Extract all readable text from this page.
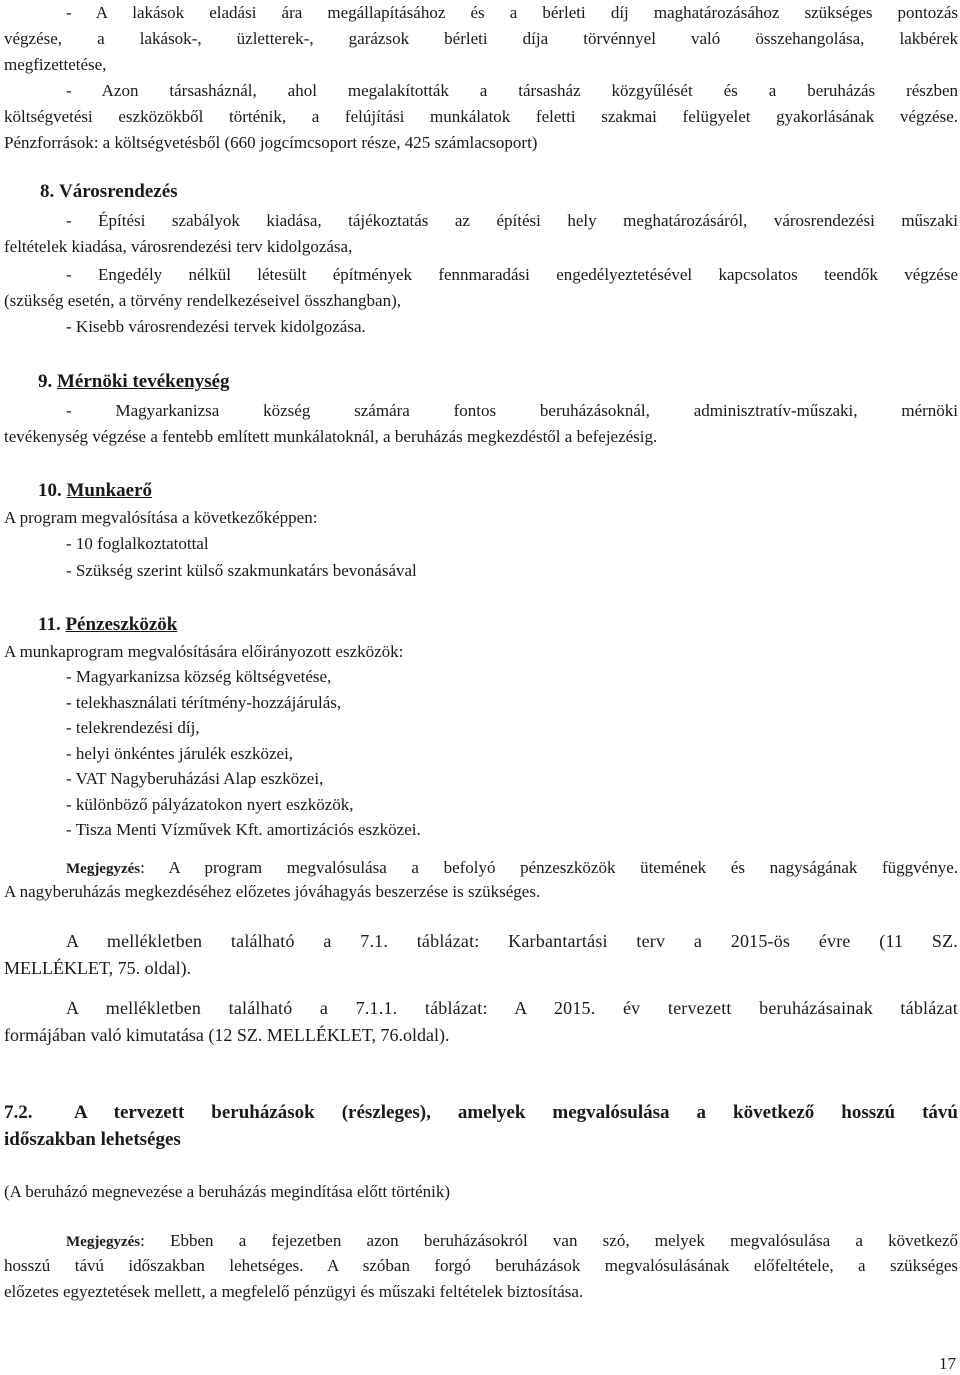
- A lakások eladási ára megállapításához és a bérleti díj maghatározásához szükséges pontozás
végzése, a lakások-, üzletterek-, garázsok bérleti díja törvénnyel való összehangolása, lakbérek
megfizettetése,
- Azon társasháznál, ahol megalakították a társasház közgyűlését és a beruházás részben
költségvetési eszközökből történik, a felújítási munkálatok feletti szakmai felügyelet gyakorlásának végzése.
Pénzforrások: a költségvetésből (660 jogcímcsoport része, 425 számlacsoport)
8. Városrendezés
- Építési szabályok kiadása, tájékoztatás az építési hely meghatározásáról, városrendezési műszaki
feltételek kiadása, városrendezési terv kidolgozása,
- Engedély nélkül létesült építmények fennmaradási engedélyeztetésével kapcsolatos teendők végzése
(szükség esetén, a törvény rendelkezéseivel összhangban),
- Kisebb városrendezési tervek kidolgozása.
9. Mérnöki tevékenység
- Magyarkanizsa község számára fontos beruházásoknál, adminisztratív-műszaki, mérnöki
tevékenység végzése a fentebb említett munkálatoknál, a beruházás megkezdéstől a befejezésig.
10. Munkaerő
A program megvalósítása a következőképpen:
- 10 foglalkoztatottal
- Szükség szerint külső szakmunkatárs bevonásával
11. Pénzeszközök
A munkaprogram megvalósítására előirányozott eszközök:
- Magyarkanizsa község költségvetése,
- telekhasználati térítmény-hozzájárulás,
- telekrendezési díj,
- helyi önkéntes járulék eszközei,
- VAT Nagyberuházási Alap eszközei,
- különböző pályázatokon nyert eszközök,
- Tisza Menti Vízművek Kft. amortizációs eszközei.
Megjegyzés: A program megvalósulása a befolyó pénzeszközök ütemének és nagyságának függvénye.
A nagyberuházás megkezdéséhez előzetes jóváhagyás beszerzése is szükséges.
A mellékletben található a 7.1. táblázat: Karbantartási terv a 2015-ös évre (11 SZ.
MELLÉKLET, 75. oldal).
A mellékletben található a 7.1.1. táblázat: A 2015. év tervezett beruházásainak táblázat
formájában való kimutatása (12 SZ. MELLÉKLET, 76.oldal).
7.2. A tervezett beruházások (részleges), amelyek megvalósulása a következő hosszú távú
időszakban lehetséges
(A beruházó megnevezése a beruházás megindítása előtt történik)
Megjegyzés: Ebben a fejezetben azon beruházásokról van szó, melyek megvalósulása a következő
hosszú távú időszakban lehetséges. A szóban forgó beruházások megvalósulásának előfeltétele, a szükséges
előzetes egyeztetések mellett, a megfelelő pénzügyi és műszaki feltételek biztosítása.
17
